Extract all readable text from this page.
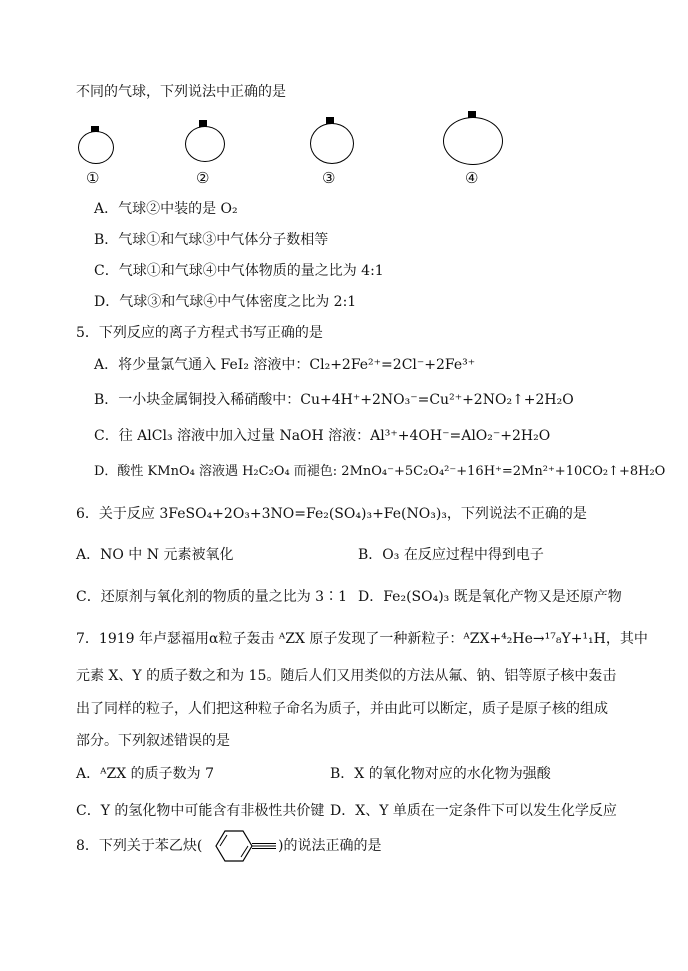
不同的气球，下列说法中正确的是
①	②	③	④
A．气球②中装的是 O₂
B．气球①和气球③中气体分子数相等
C．气球①和气球④中气体物质的量之比为 4:1
D．气球③和气球④中气体密度之比为 2:1
5．下列反应的离子方程式书写正确的是
A．将少量氯气通入 FeI₂ 溶液中：Cl₂+2Fe²⁺=2Cl⁻+2Fe³⁺
B．一小块金属铜投入稀硝酸中：Cu+4H⁺+2NO₃⁻=Cu²⁺+2NO₂↑+2H₂O
C．往 AlCl₃ 溶液中加入过量 NaOH 溶液：Al³⁺+4OH⁻=AlO₂⁻+2H₂O
D．酸性 KMnO₄ 溶液遇 H₂C₂O₄ 而褪色: 2MnO₄⁻+5C₂O₄²⁻+16H⁺=2Mn²⁺+10CO₂↑+8H₂O
6．关于反应 3FeSO₄+2O₃+3NO=Fe₂(SO₄)₃+Fe(NO₃)₃，下列说法不正确的是
A．NO 中 N 元素被氧化	B．O₃ 在反应过程中得到电子
C．还原剂与氧化剂的物质的量之比为 3∶1 D．Fe₂(SO₄)₃ 既是氧化产物又是还原产物
7．1919 年卢瑟福用α粒子轰击 ᴬZX 原子发现了一种新粒子：ᴬZX+⁴₂He→¹⁷₈Y+¹₁H，其中
元素 X、Y 的质子数之和为 15。随后人们又用类似的方法从氟、钠、铝等原子核中轰击
出了同样的粒子，人们把这种粒子命名为质子，并由此可以断定，质子是原子核的组成
部分。下列叙述错误的是
A．ᴬZX 的质子数为 7	B．X 的氧化物对应的水化物为强酸
C．Y 的氢化物中可能含有非极性共价键 D．X、Y 单质在一定条件下可以发生化学反应
8．下列关于苯乙炔(	)的说法正确的是
